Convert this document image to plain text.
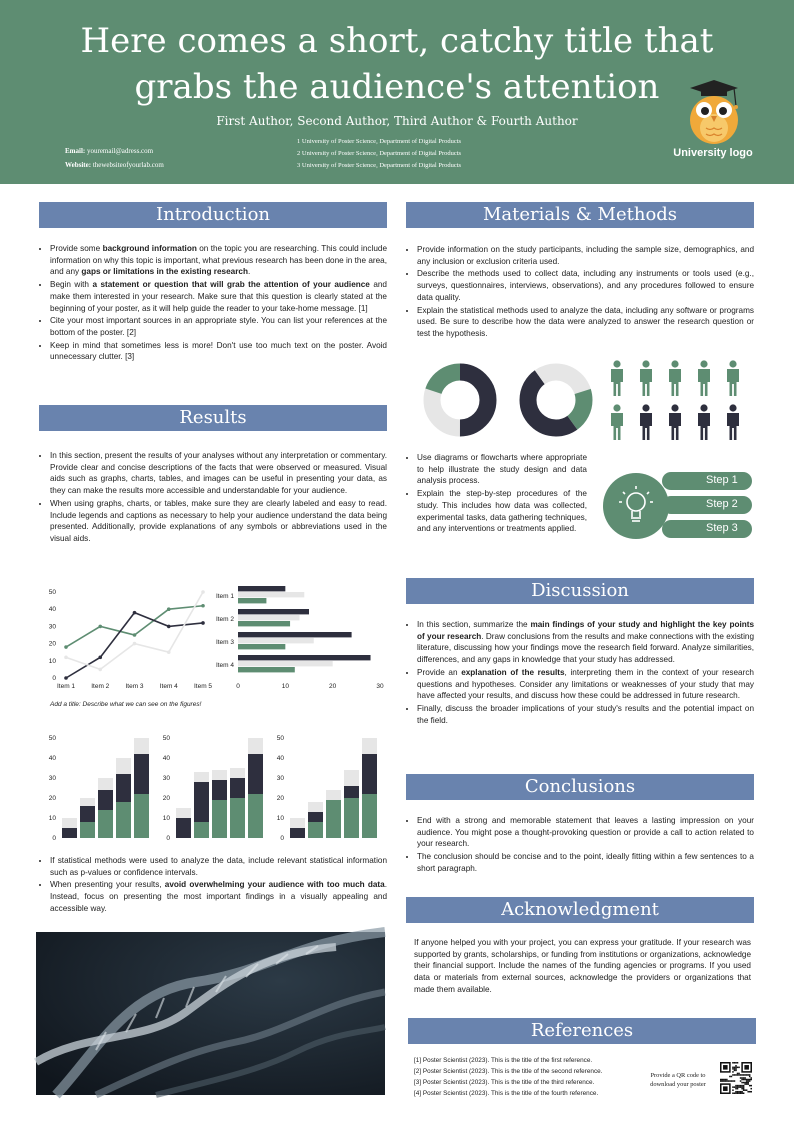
Here comes a short, catchy title that grabs the audience's attention
First Author, Second Author, Third Author & Fourth Author
Email: youremail@adress.com
Website: thewebsiteofyourlab.com
1 University of Poster Science, Department of Digital Products
2 University of Poster Science, Department of Digital Products
3 University of Poster Science, Department of Digital Products
University logo
Introduction
• Provide some background information on the topic you are researching. This could include information on why this topic is important, what previous research has been done in the area, and any gaps or limitations in the existing research.
• Begin with a statement or question that will grab the attention of your audience and make them interested in your research. Make sure that this question is clearly stated at the beginning of your poster, as it will help guide the reader to your take-home message. [1]
• Cite your most important sources in an appropriate style. You can list your references at the bottom of the poster. [2]
• Keep in mind that sometimes less is more! Don't use too much text on the poster. Avoid unnecessary clutter. [3]
Results
• In this section, present the results of your analyses without any interpretation or commentary. Provide clear and concise descriptions of the facts that were observed or measured. Visual aids such as graphs, charts, tables, and images can be useful in presenting your data, as they can make the results more accessible and understandable for your audience.
• When using graphs, charts, or tables, make sure they are clearly labeled and easy to read. Include legends and captions as necessary to help your audience understand the data being presented. Additionally, provide explanations of any symbols or abbreviations used in the visual aids.
0
10
20
30
40
50
Item 1 Item 2 Item 3 Item 4 Item 5
Item 1
Item 2
Item 3
Item 4
0	10	20	30
Add a title: Describe what we can see on the figures!
0
10
20
30
40
50
0
10
20
30
40
50
0
10
20
30
40
50
• If statistical methods were used to analyze the data, include relevant statistical information such as p-values or confidence intervals.
• When presenting your results, avoid overwhelming your audience with too much data. Instead, focus on presenting the most important findings in a visually appealing and accessible way.
Materials & Methods
• Provide information on the study participants, including the sample size, demographics, and any inclusion or exclusion criteria used.
• Describe the methods used to collect data, including any instruments or tools used (e.g., surveys, questionnaires, interviews, observations), and any procedures followed to ensure data quality.
• Explain the statistical methods used to analyze the data, including any software or programs used. Be sure to describe how the data were analyzed to answer the research question or test the hypothesis.
• Use diagrams or flowcharts where appropriate to help illustrate the study design and data analysis process.
• Explain the step-by-step procedures of the study. This includes how data was collected, experimental tasks, data gathering techniques, and any interventions or treatments applied.
Step 1
Step 2
Step 3
Discussion
• In this section, summarize the main findings of your study and highlight the key points of your research. Draw conclusions from the results and make connections with the existing literature, discussing how your findings move the research field forward. Analyze similarities, differences, and any gaps in knowledge that your study has addressed.
• Provide an explanation of the results, interpreting them in the context of your research questions and hypotheses. Consider any limitations or weaknesses of your study that may have affected your results, and discuss how these could be addressed in future research.
• Finally, discuss the broader implications of your study's results and the potential impact on the field.
Conclusions
• End with a strong and memorable statement that leaves a lasting impression on your audience. You might pose a thought-provoking question or provide a call to action related to your research.
• The conclusion should be concise and to the point, ideally fitting within a few sentences to a short paragraph.
Acknowledgment
If anyone helped you with your project, you can express your gratitude. If your research was supported by grants, scholarships, or funding from institutions or organizations, acknowledge their financial support. Include the names of the funding agencies or programs. If you used data or materials from external sources, acknowledge the providers or organizations that made them available.
References
[1] Poster Scientist (2023). This is the title of the first reference.
[2] Poster Scientist (2023). This is the title of the second reference.
[3] Poster Scientist (2023). This is the title of the third reference.
[4] Poster Scientist (2023). This is the title of the fourth reference.
Provide a QR code to
download your poster
